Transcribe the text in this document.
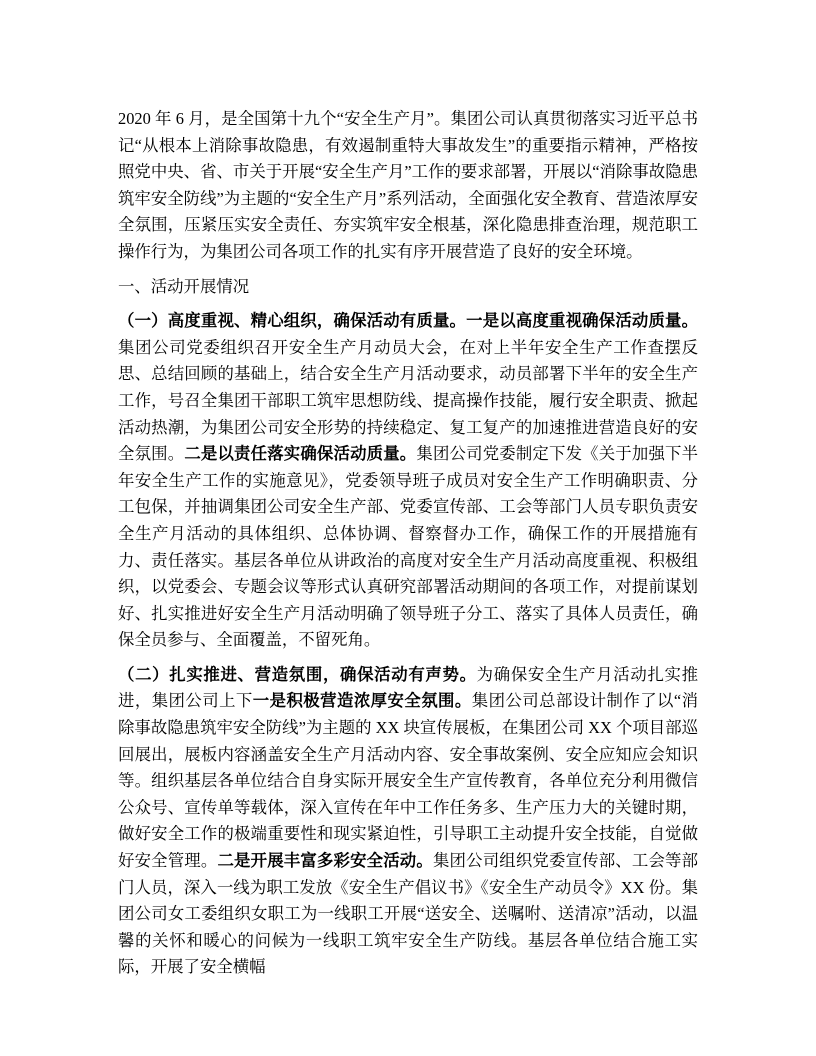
2020 年 6 月，是全国第十九个“安全生产月”。集团公司认真贯彻落实习近平总书记“从根本上消除事故隐患，有效遏制重特大事故发生”的重要指示精神，严格按照党中央、省、市关于开展“安全生产月”工作的要求部署，开展以“消除事故隐患筑牢安全防线”为主题的“安全生产月”系列活动，全面强化安全教育、营造浓厚安全氛围，压紧压实安全责任、夯实筑牢安全根基，深化隐患排查治理，规范职工操作行为，为集团公司各项工作的扎实有序开展营造了良好的安全环境。

一、活动开展情况

（一）高度重视、精心组织，确保活动有质量。一是以高度重视确保活动质量。集团公司党委组织召开安全生产月动员大会，在对上半年安全生产工作查摆反思、总结回顾的基础上，结合安全生产月活动要求，动员部署下半年的安全生产工作，号召全集团干部职工筑牢思想防线、提高操作技能，履行安全职责、掀起活动热潮，为集团公司安全形势的持续稳定、复工复产的加速推进营造良好的安全氛围。二是以责任落实确保活动质量。集团公司党委制定下发《关于加强下半年安全生产工作的实施意见》，党委领导班子成员对安全生产工作明确职责、分工包保，并抽调集团公司安全生产部、党委宣传部、工会等部门人员专职负责安全生产月活动的具体组织、总体协调、督察督办工作，确保工作的开展措施有力、责任落实。基层各单位从讲政治的高度对安全生产月活动高度重视、积极组织，以党委会、专题会议等形式认真研究部署活动期间的各项工作，对提前谋划好、扎实推进好安全生产月活动明确了领导班子分工、落实了具体人员责任，确保全员参与、全面覆盖，不留死角。

（二）扎实推进、营造氛围，确保活动有声势。为确保安全生产月活动扎实推进，集团公司上下一是积极营造浓厚安全氛围。集团公司总部设计制作了以“消除事故隐患筑牢安全防线”为主题的 XX 块宣传展板，在集团公司 XX 个项目部巡回展出，展板内容涵盖安全生产月活动内容、安全事故案例、安全应知应会知识等。组织基层各单位结合自身实际开展安全生产宣传教育，各单位充分利用微信公众号、宣传单等载体，深入宣传在年中工作任务多、生产压力大的关键时期，做好安全工作的极端重要性和现实紧迫性，引导职工主动提升安全技能，自觉做好安全管理。二是开展丰富多彩安全活动。集团公司组织党委宣传部、工会等部门人员，深入一线为职工发放《安全生产倡议书》《安全生产动员令》XX 份。集团公司女工委组织女职工为一线职工开展“送安全、送嘱咐、送清凉”活动，以温馨的关怀和暖心的问候为一线职工筑牢安全生产防线。基层各单位结合施工实际，开展了安全横幅
